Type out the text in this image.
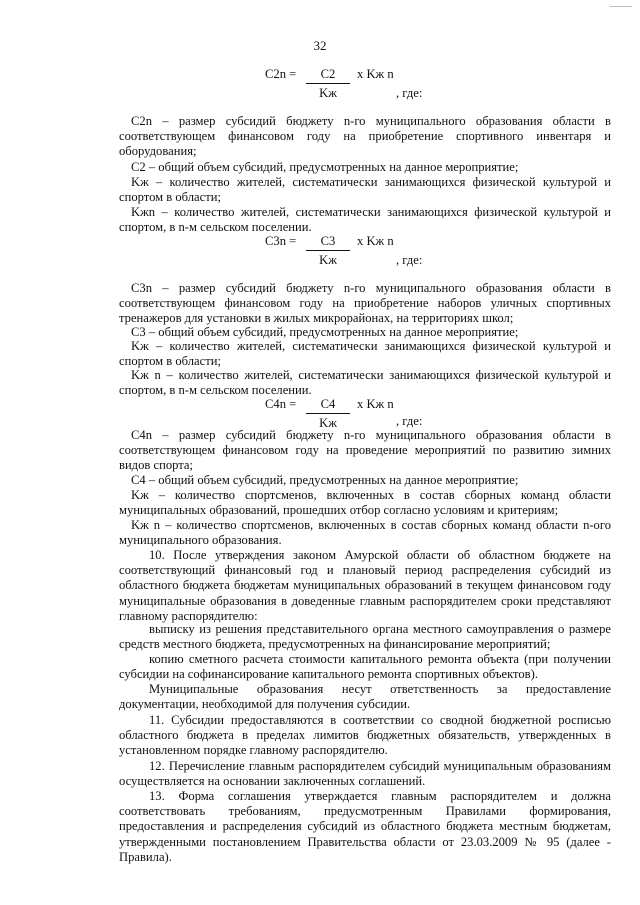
32
C2n =	C2
Kж
x Kж n
, где:

C2n – размер субсидий бюджету n-го муниципального образования области в соответствующем финансовом году на приобретение спортивного инвентаря и оборудования;

C2 – общий объем субсидий, предусмотренных на данное мероприятие;

Kж – количество жителей, систематически занимающихся физической культурой и спортом в области;

Kжn – количество жителей, систематически занимающихся физической культурой и спортом, в n-м сельском поселении.

C3n =	C3
Kж
x Kж n
, где:

C3n – размер субсидий бюджету n-го муниципального образования области в соответствующем финансовом году на приобретение наборов уличных спортивных тренажеров для установки в жилых микрорайонах, на территориях школ;

C3 – общий объем субсидий, предусмотренных на данное мероприятие;

Kж – количество жителей, систематически занимающихся физической культурой и спортом в области;

Kж n – количество жителей, систематически занимающихся физической культурой и спортом, в n-м сельском поселении.

C4n =	C4
Kж
x Kж n
, где:

C4n – размер субсидий бюджету n-го муниципального образования области в соответствующем финансовом году на проведение мероприятий по развитию зимних видов спорта;

C4 – общий объем субсидий, предусмотренных на данное мероприятие;

Kж – количество спортсменов, включенных в состав сборных команд области муниципальных образований, прошедших отбор согласно условиям и критериям;

Kж n – количество спортсменов, включенных в состав сборных команд области n-ого муниципального образования.

10. После утверждения законом Амурской области об областном бюджете на соответствующий финансовый год и плановый период распределения субсидий из областного бюджета бюджетам муниципальных образований в текущем финансовом году муниципальные образования в доведенные главным распорядителем сроки представляют главному распорядителю:

выписку из решения представительного органа местного самоуправления о размере средств местного бюджета, предусмотренных на финансирование мероприятий;

копию сметного расчета стоимости капитального ремонта объекта (при получении субсидии на софинансирование капитального ремонта спортивных объектов).

Муниципальные образования несут ответственность за предоставление документации, необходимой для получения субсидии.

11. Субсидии предоставляются в соответствии со сводной бюджетной росписью областного бюджета в пределах лимитов бюджетных обязательств, утвержденных в установленном порядке главному распорядителю.

12. Перечисление главным распорядителем субсидий муниципальным образованиям осуществляется на основании заключенных соглашений.

13. Форма соглашения утверждается главным распорядителем и должна соответствовать требованиям, предусмотренным Правилами формирования, предоставления и распределения субсидий из областного бюджета местным бюджетам, утвержденными постановлением Правительства области от 23.03.2009 № 95 (далее - Правила).
